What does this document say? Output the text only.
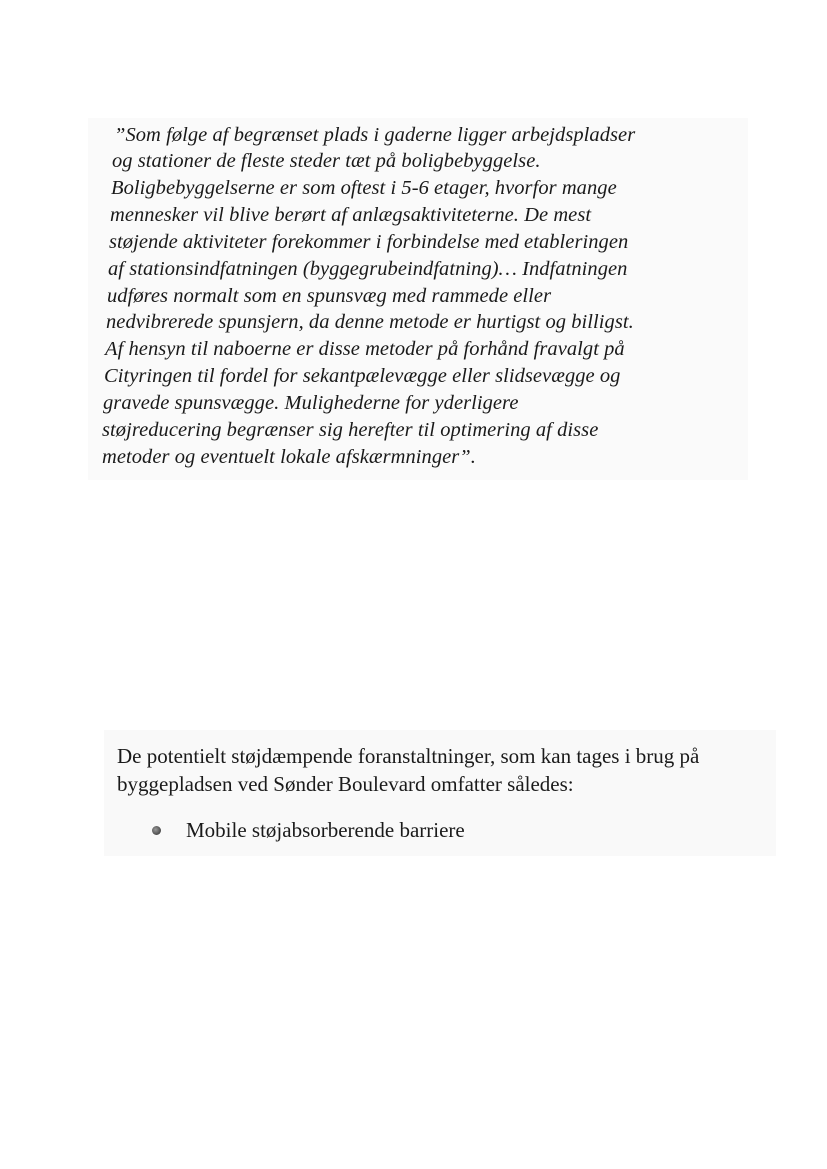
”Som følge af begrænset plads i gaderne ligger arbejdspladser
og stationer de fleste steder tæt på boligbebyggelse.
Boligbebyggelserne er som oftest i 5-6 etager, hvorfor mange
mennesker vil blive berørt af anlægsaktiviteterne. De mest
støjende aktiviteter forekommer i forbindelse med etableringen
af stationsindfatningen (byggegrubeindfatning)… Indfatningen
udføres normalt som en spunsvæg med rammede eller
nedvibrerede spunsjern, da denne metode er hurtigst og billigst.
Af hensyn til naboerne er disse metoder på forhånd fravalgt på
Cityringen til fordel for sekantpælevægge eller slidsevægge og
gravede spunsvægge. Mulighederne for yderligere
støjreducering begrænser sig herefter til optimering af disse
metoder og eventuelt lokale afskærmninger”.
De potentielt støjdæmpende foranstaltninger, som kan tages i brug på
byggepladsen ved Sønder Boulevard omfatter således:
Mobile støjabsorberende barriere
